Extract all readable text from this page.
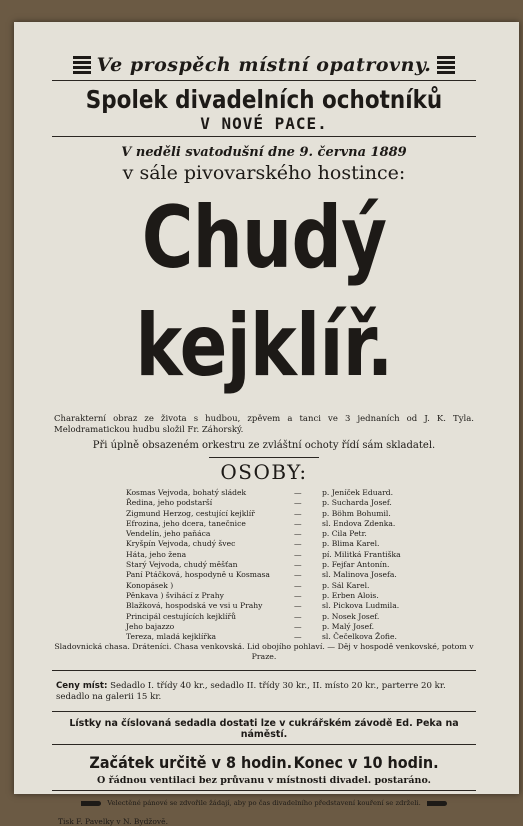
Ve prospěch místní opatrovny.
Spolek divadelních ochotníků
V NOVÉ PACE.
V neděli svatodušní dne 9. června 1889
v sále pivovarského hostince:
Chudý kejklíř.
Charakterní obraz ze života s hudbou, zpěvem a tanci ve 3 jednaních od J. K. Tyla. Melodramatickou hudbu složil Fr. Záhorský.
Při úplně obsazeném orkestru ze zvláštní ochoty řídí sám skladatel.
OSOBY:
Kosmas Vejvoda, bohatý sládek	—	p. Jeníček Eduard.
Ředina, jeho podstarší	—	p. Sucharda Josef.
Zigmund Herzog, cestující kejklíř	—	p. Böhm Bohumil.
Efrozina, jeho dcera, tanečnice	—	sl. Endova Zdenka.
Vendelín, jeho paňáca	—	p. Cila Petr.
Kryšpín Vejvoda, chudý švec	—	p. Blima Karel.
Háta, jeho žena	—	pí. Militká Františka
Starý Vejvoda, chudý měšťan	—	p. Fejfar Antonín.
Paní Ptáčková, hospodyně u Kosmasa	—	sl. Malinova Josefa.
Konopásek )	—	p. Sál Karel.
Pěnkava ) švihácí z Prahy	—	p. Erben Alois.
Blažková, hospodská ve vsi u Prahy	—	sl. Pickova Ludmila.
Principál cestujících kejklířů	—	p. Nosek Josef.
Jeho bajazzo	—	p. Malý Josef.
Tereza, mladá kejklířka	—	sl. Čečelkova Žofie.
Sladovnická chasa. Dráteníci. Chasa venkovská. Lid obojího pohlaví. — Děj v hospodě venkovské, potom v Praze.
Ceny míst: Sedadlo I. třídy 40 kr., sedadlo II. třídy 30 kr., II. místo 20 kr., parterre 20 kr. sedadlo na galerii 15 kr.
Lístky na číslovaná sedadla dostati lze v cukrářském závodě Ed. Peka na náměstí.
Začátek určitě v 8 hodin. Konec v 10 hodin.
O řádnou ventilaci bez průvanu v místnosti divadel. postaráno.
Velectěné pánové se zdvořile žádají, aby po čas divadelního představení kouření se zdrželi.
Tisk F. Pavelky v N. Bydžově.
